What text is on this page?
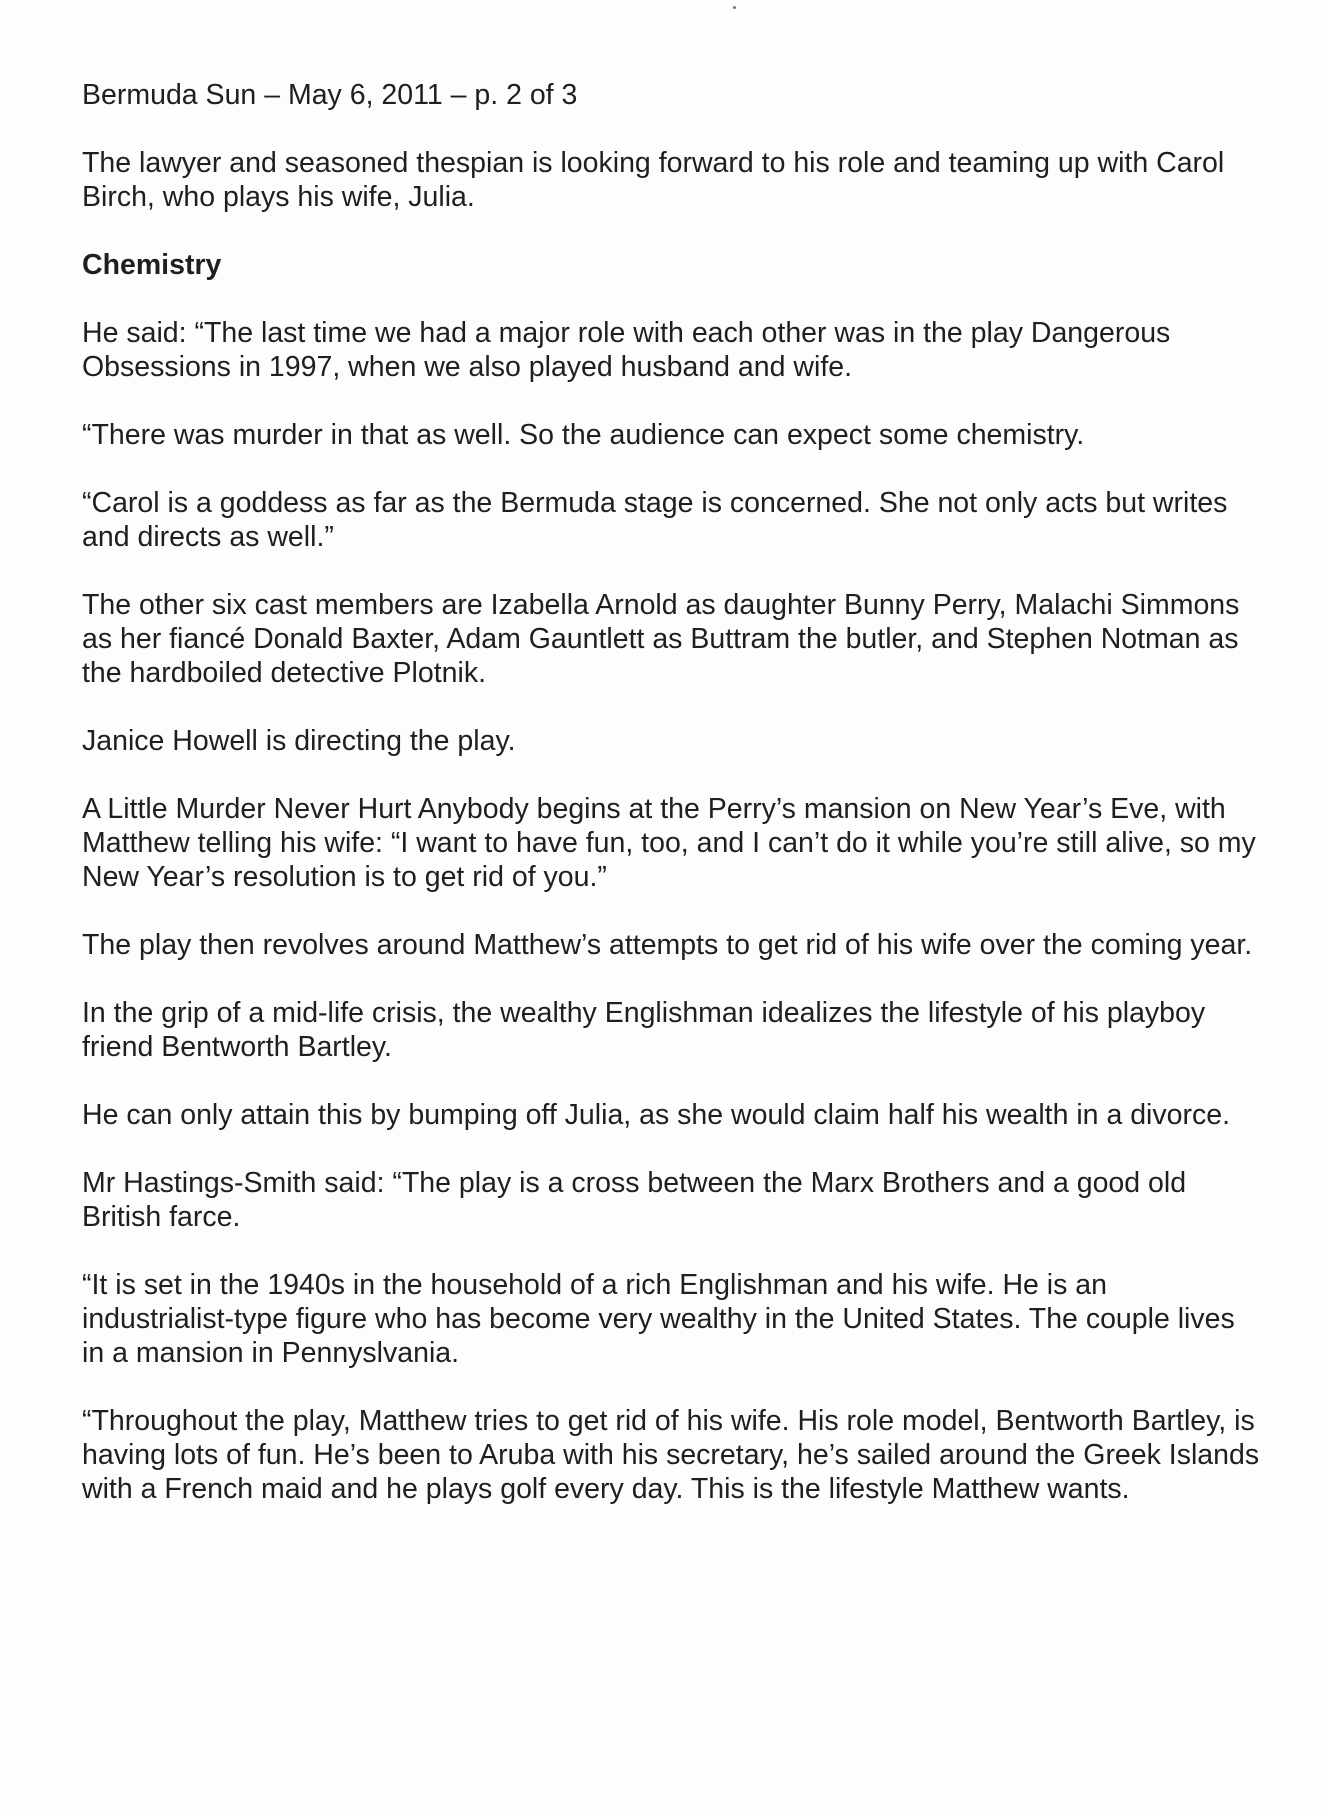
Bermuda Sun – May 6, 2011 – p. 2 of 3

The lawyer and seasoned thespian is looking forward to his role and teaming up with Carol Birch, who plays his wife, Julia.

Chemistry

He said: “The last time we had a major role with each other was in the play Dangerous Obsessions in 1997, when we also played husband and wife.

“There was murder in that as well. So the audience can expect some chemistry.

“Carol is a goddess as far as the Bermuda stage is concerned. She not only acts but writes and directs as well.”

The other six cast members are Izabella Arnold as daughter Bunny Perry, Malachi Simmons as her fiancé Donald Baxter, Adam Gauntlett as Buttram the butler, and Stephen Notman as the hardboiled detective Plotnik.

Janice Howell is directing the play.

A Little Murder Never Hurt Anybody begins at the Perry’s mansion on New Year’s Eve, with Matthew telling his wife: “I want to have fun, too, and I can’t do it while you’re still alive, so my New Year’s resolution is to get rid of you.”

The play then revolves around Matthew’s attempts to get rid of his wife over the coming year.

In the grip of a mid-life crisis, the wealthy Englishman idealizes the lifestyle of his playboy friend Bentworth Bartley.

He can only attain this by bumping off Julia, as she would claim half his wealth in a divorce.

Mr Hastings-Smith said: “The play is a cross between the Marx Brothers and a good old British farce.

“It is set in the 1940s in the household of a rich Englishman and his wife. He is an industrialist-type figure who has become very wealthy in the United States. The couple lives in a mansion in Pennyslvania.

“Throughout the play, Matthew tries to get rid of his wife. His role model, Bentworth Bartley, is having lots of fun. He’s been to Aruba with his secretary, he’s sailed around the Greek Islands with a French maid and he plays golf every day. This is the lifestyle Matthew wants.
